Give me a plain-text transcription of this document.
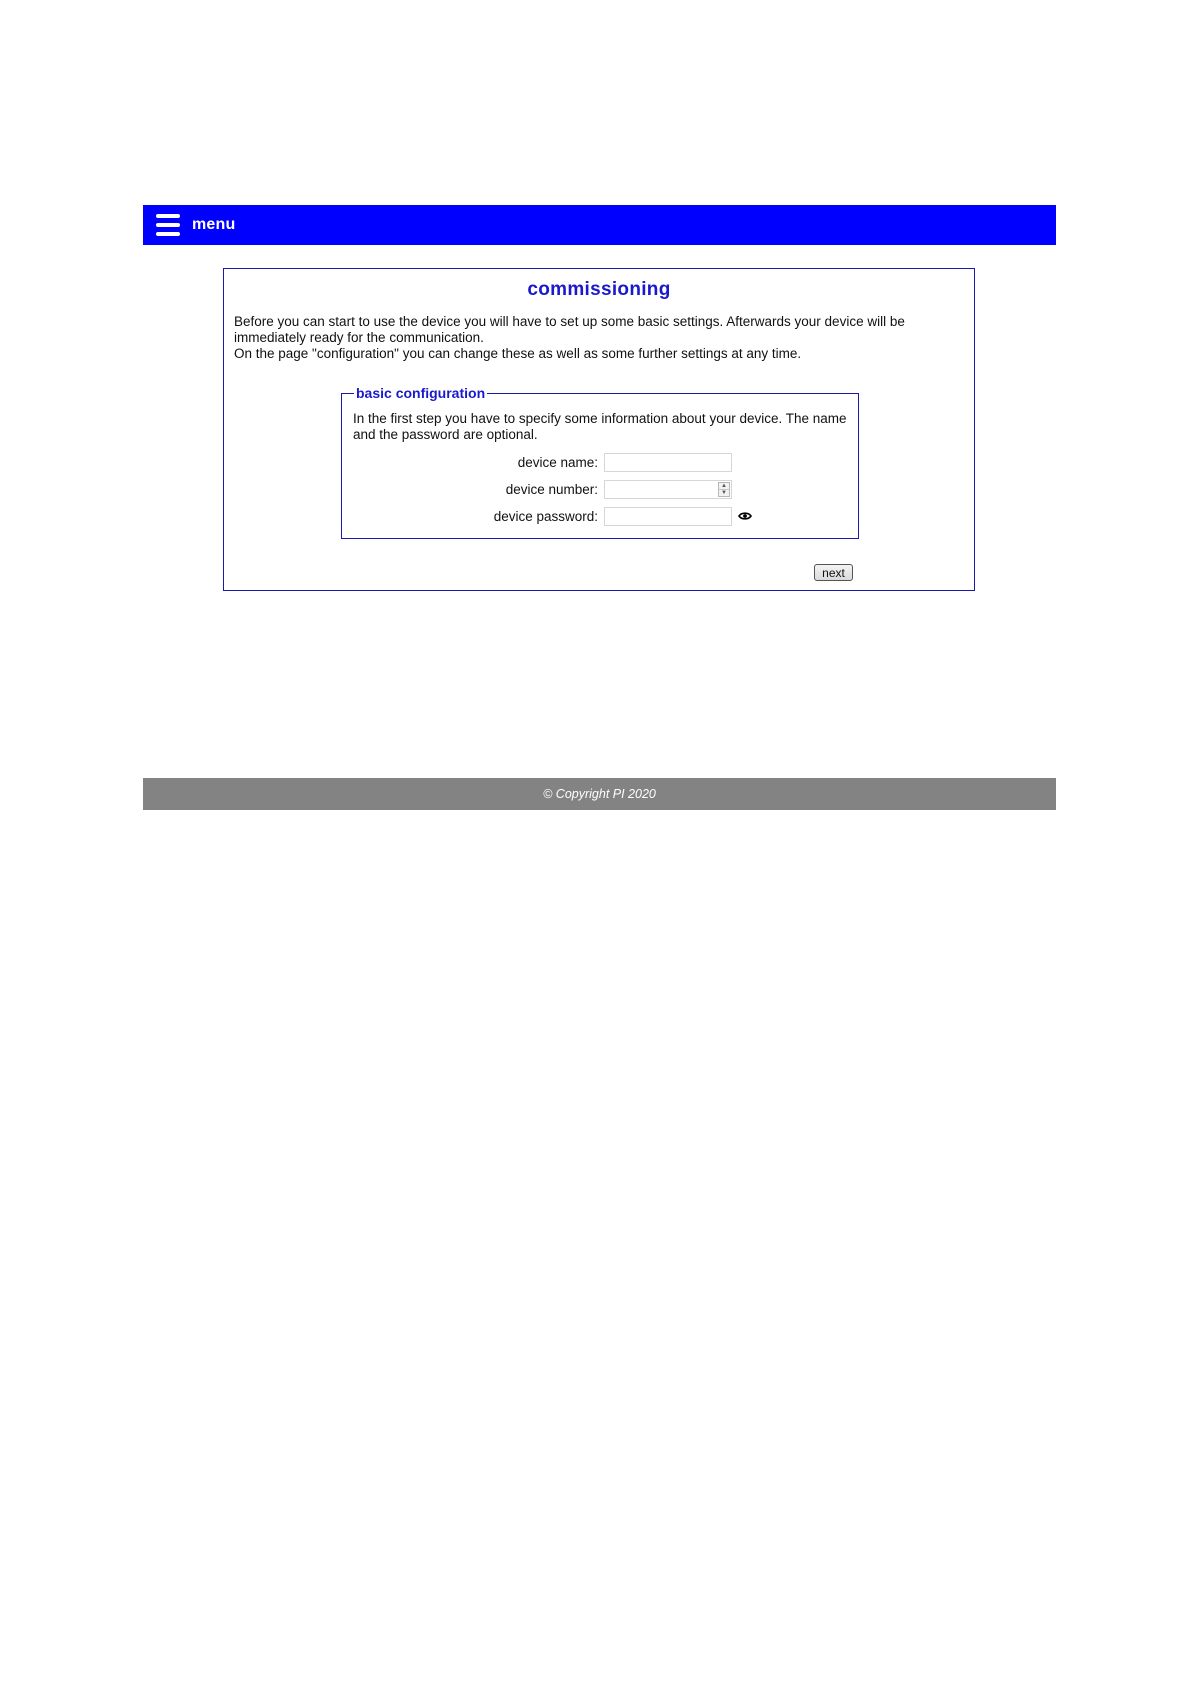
menu
commissioning
Before you can start to use the device you will have to set up some basic settings. Afterwards your device will be immediately ready for the communication.
On the page "configuration" you can change these as well as some further settings at any time.
basic configuration
In the first step you have to specify some information about your device. The name and the password are optional.
device name:
device number:	▲
▼
device password:
next
© Copyright PI 2020
